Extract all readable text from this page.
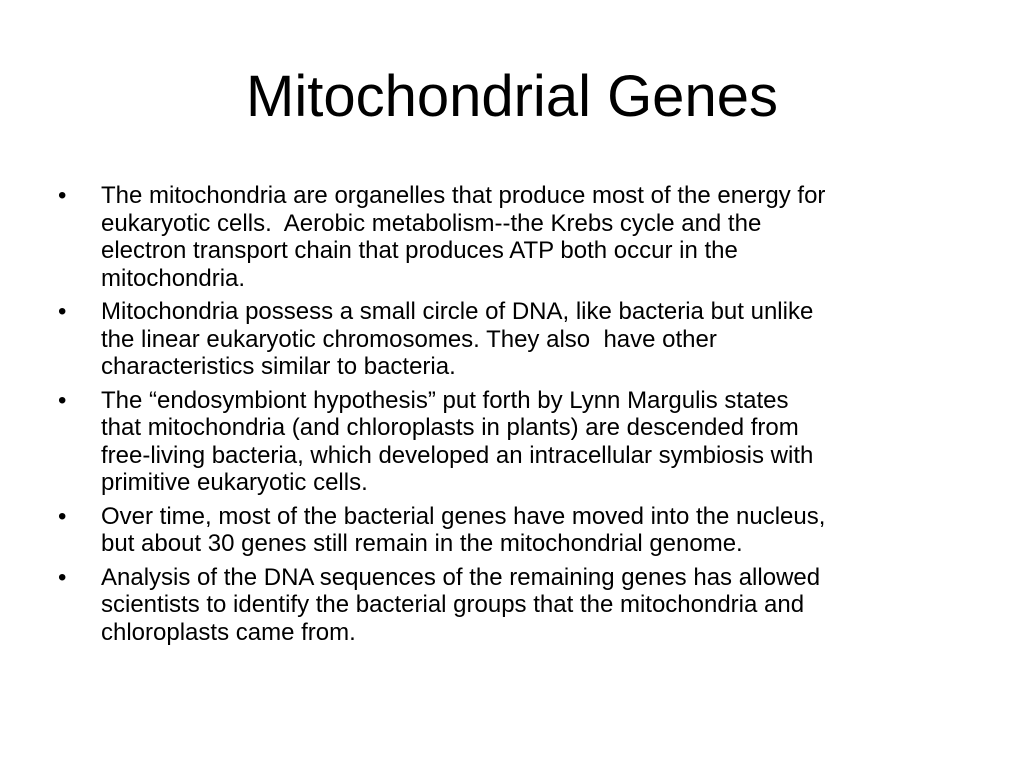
Mitochondrial Genes
• The mitochondria are organelles that produce most of the energy for
eukaryotic cells.  Aerobic metabolism--the Krebs cycle and the
electron transport chain that produces ATP both occur in the
mitochondria.
• Mitochondria possess a small circle of DNA, like bacteria but unlike
the linear eukaryotic chromosomes. They also  have other
characteristics similar to bacteria.
• The “endosymbiont hypothesis” put forth by Lynn Margulis states
that mitochondria (and chloroplasts in plants) are descended from
free-living bacteria, which developed an intracellular symbiosis with
primitive eukaryotic cells.
• Over time, most of the bacterial genes have moved into the nucleus,
but about 30 genes still remain in the mitochondrial genome.
• Analysis of the DNA sequences of the remaining genes has allowed
scientists to identify the bacterial groups that the mitochondria and
chloroplasts came from.
